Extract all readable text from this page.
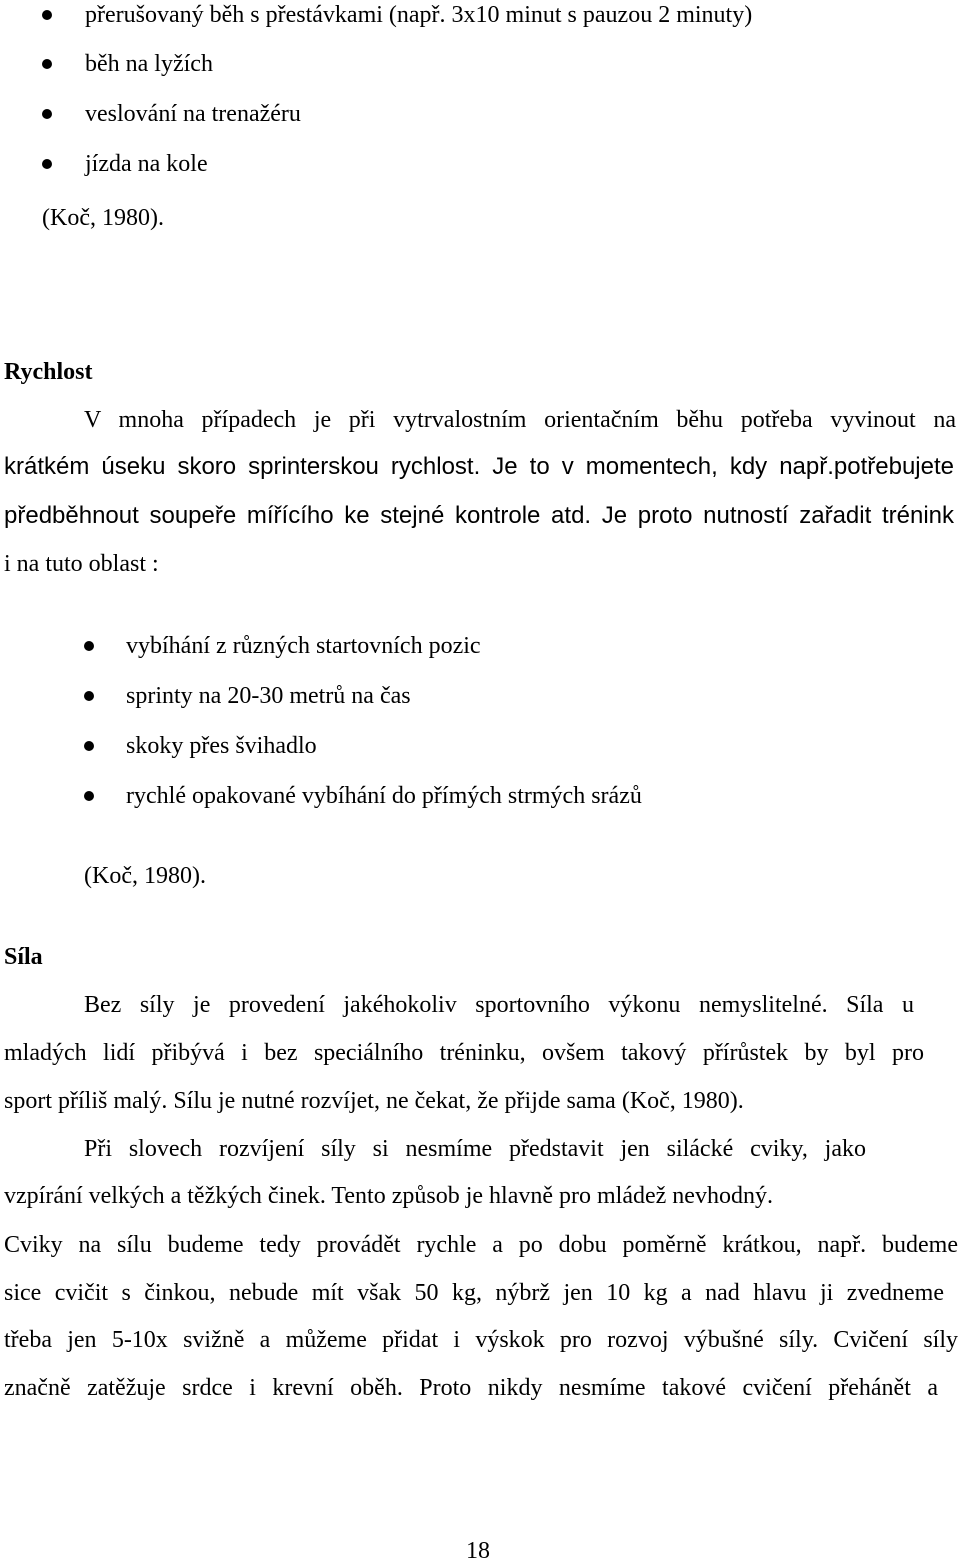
přerušovaný běh s přestávkami (např. 3x10 minut s pauzou 2 minuty)
běh na lyžích
veslování na trenažéru
jízda na kole
(Koč, 1980).
Rychlost
V mnoha případech je při vytrvalostním orientačním běhu potřeba vyvinout na
krátkém úseku skoro sprinterskou rychlost. Je to v momentech, kdy např.potřebujete
předběhnout soupeře mířícího ke stejné kontrole atd. Je proto nutností zařadit trénink
i na tuto oblast :
vybíhání z různých startovních pozic
sprinty na 20-30 metrů na čas
skoky přes švihadlo
rychlé opakované vybíhání do přímých strmých srázů
(Koč, 1980).
Síla
Bez síly je provedení jakéhokoliv sportovního výkonu nemyslitelné. Síla u
mladých lidí přibývá i bez speciálního tréninku, ovšem takový přírůstek by byl pro
sport příliš malý. Sílu je nutné rozvíjet, ne čekat, že přijde sama (Koč, 1980).
Při slovech rozvíjení síly si nesmíme představit jen silácké cviky, jako
vzpírání velkých a těžkých činek. Tento způsob je hlavně pro mládež nevhodný.
Cviky na sílu budeme tedy provádět rychle a po dobu poměrně krátkou, např. budeme
sice cvičit s činkou, nebude mít však 50 kg, nýbrž jen 10 kg a nad hlavu ji zvedneme
třeba jen 5-10x svižně a můžeme přidat i výskok pro rozvoj výbušné síly. Cvičení síly
značně zatěžuje srdce i krevní oběh. Proto nikdy nesmíme takové cvičení přehánět a
18
